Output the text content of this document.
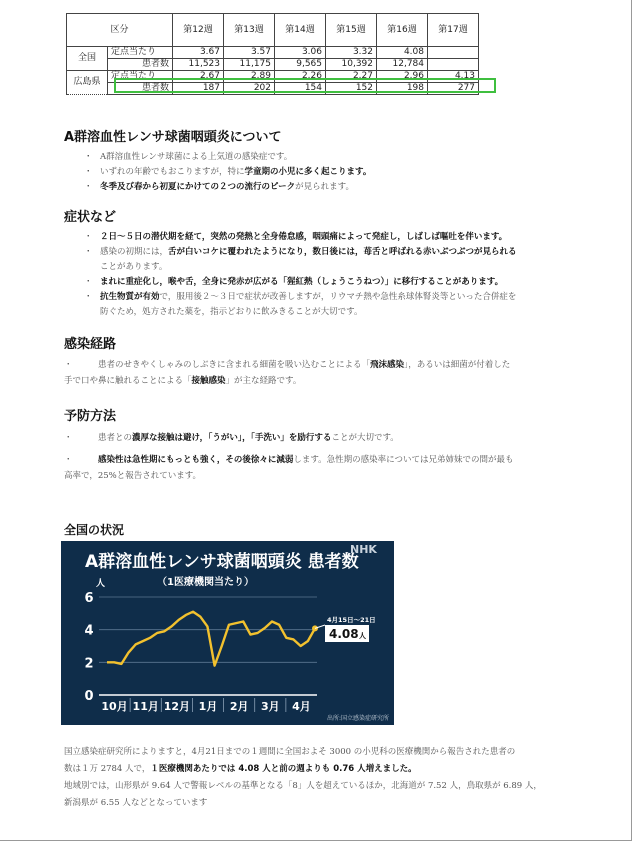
区分		第12週	第13週	第14週	第15週	第16週	第17週
全国	定点当たり	3.67	3.57	3.06	3.32	4.08	
	患者数	11,523	11,175	9,565	10,392	12,784	
広島県	定点当たり	2.67	2.89	2.26	2.27	2.96	4.13
	患者数	187	202	154	152	198	277
A群溶血性レンサ球菌咽頭炎について
・ A群溶血性レンサ球菌による上気道の感染症です。
・ いずれの年齢でもおこりますが，特に学童期の小児に多く起こります。
・ 冬季及び春から初夏にかけての２つの流行のピークが見られます。
症状など
・ ２日～５日の潜伏期を経て，突然の発熱と全身倦怠感，咽頭痛によって発症し，しばしば嘔吐を伴います。
・ 感染の初期には，舌が白いコケに覆われたようになり，数日後には，苺舌と呼ばれる赤いぶつぶつが見られる
ことがあります。
・ まれに重症化し，喉や舌，全身に発赤が広がる「猩紅熱（しょうこうねつ）」に移行することがあります。
・ 抗生物質が有効で，服用後２～３日で症状が改善しますが，リウマチ熱や急性糸球体腎炎等といった合併症を
防ぐため，処方された薬を，指示どおりに飲みきることが大切です。
感染経路
・	患者のせきやくしゃみのしぶきに含まれる細菌を吸い込むことによる「飛沫感染」，あるいは細菌が付着した
手で口や鼻に触れることによる「接触感染」が主な経路です。
予防方法
・	患者との濃厚な接触は避け，「うがい」，「手洗い」を励行することが大切です。
・	感染性は急性期にもっとも強く，その後徐々に減弱します。急性期の感染率については兄弟姉妹での間が最も
高率で，25%と報告されています。
全国の状況
A群溶血性レンサ球菌咽頭炎 患者数
（1医療機関当たり）
NHK
人
0
2
4
6
10月 11月 12月 1月 2月 3月 4月
4月15日～21日
4.08 人
出所:国立感染症研究所
国立感染症研究所によりますと，4月21日までの１週間に全国およそ 3000 の小児科の医療機関から報告された患者の
数は１万 2784 人で，１医療機関あたりでは 4.08 人と前の週よりも 0.76 人増えました。
地域別では，山形県が 9.64 人で警報レベルの基準となる「8」人を超えているほか，北海道が 7.52 人，鳥取県が 6.89 人，
新潟県が 6.55 人などとなっています
